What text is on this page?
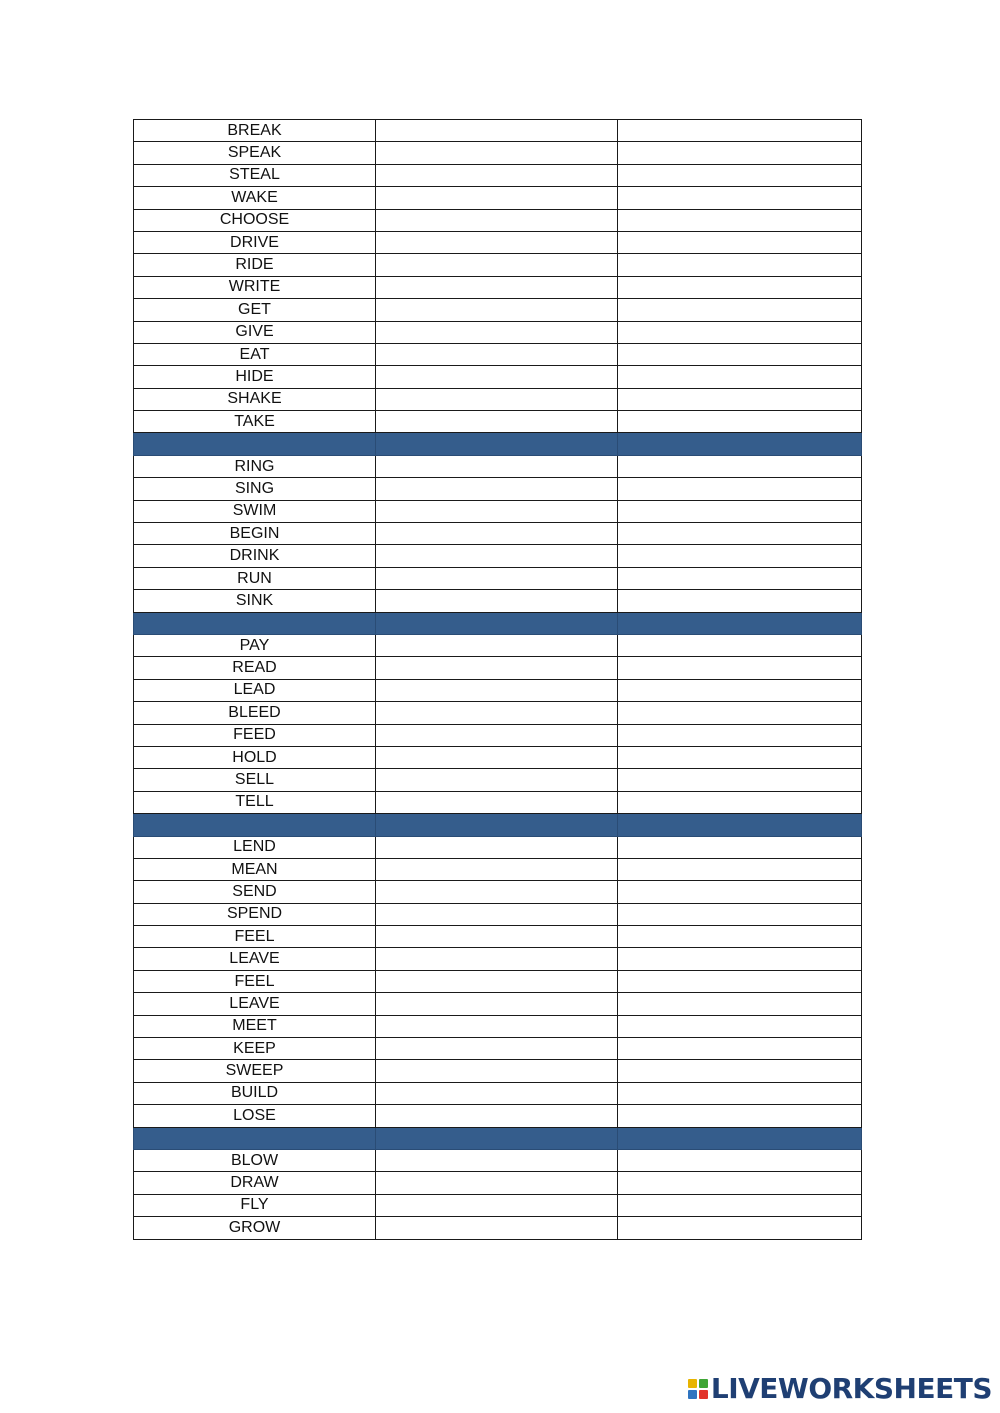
BREAK		
SPEAK		
STEAL		
WAKE		
CHOOSE		
DRIVE		
RIDE		
WRITE		
GET		
GIVE		
EAT		
HIDE		
SHAKE		
TAKE		

RING		
SING		
SWIM		
BEGIN		
DRINK		
RUN		
SINK		

PAY		
READ		
LEAD		
BLEED		
FEED		
HOLD		
SELL		
TELL		

LEND		
MEAN		
SEND		
SPEND		
FEEL		
LEAVE		
FEEL		
LEAVE		
MEET		
KEEP		
SWEEP		
BUILD		
LOSE		

BLOW		
DRAW		
FLY		
GROW		
LIVEWORKSHEETS
